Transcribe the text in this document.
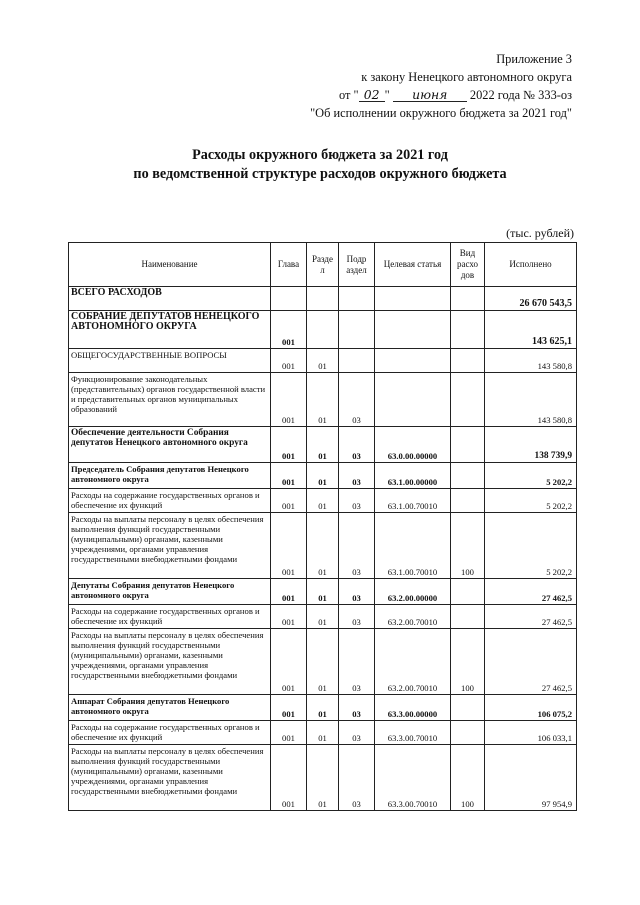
Приложение 3
к закону Ненецкого автономного округа
от " 02 " июня 2022 года № 333-оз
"Об исполнении окружного бюджета за 2021 год"
Расходы окружного бюджета за 2021 год
по ведомственной структуре расходов окружного бюджета
(тыс. рублей)
Наименование	Глава	Разде л	Подр аздел	Целевая статья	Вид расхо дов	Исполнено
ВСЕГО РАСХОДОВ						26 670 543,5
СОБРАНИЕ ДЕПУТАТОВ НЕНЕЦКОГО АВТОНОМНОГО ОКРУГА	001					143 625,1
ОБЩЕГОСУДАРСТВЕННЫЕ ВОПРОСЫ	001	01				143 580,8
Функционирование законодательных (представительных) органов государственной власти и представительных органов муниципальных образований	001	01	03			143 580,8
Обеспечение деятельности Собрания депутатов Ненецкого автономного округа	001	01	03	63.0.00.00000		138 739,9
Председатель Собрания депутатов Ненецкого автономного округа	001	01	03	63.1.00.00000		5 202,2
Расходы на содержание государственных органов и обеспечение их функций	001	01	03	63.1.00.70010		5 202,2
Расходы на выплаты персоналу в целях обеспечения выполнения функций государственными (муниципальными) органами, казенными учреждениями, органами управления государственными внебюджетными фондами	001	01	03	63.1.00.70010	100	5 202,2
Депутаты Собрания депутатов Ненецкого автономного округа	001	01	03	63.2.00.00000		27 462,5
Расходы на содержание государственных органов и обеспечение их функций	001	01	03	63.2.00.70010		27 462,5
Расходы на выплаты персоналу в целях обеспечения выполнения функций государственными (муниципальными) органами, казенными учреждениями, органами управления государственными внебюджетными фондами	001	01	03	63.2.00.70010	100	27 462,5
Аппарат Собрания депутатов Ненецкого автономного округа	001	01	03	63.3.00.00000		106 075,2
Расходы на содержание государственных органов и обеспечение их функций	001	01	03	63.3.00.70010		106 033,1
Расходы на выплаты персоналу в целях обеспечения выполнения функций государственными (муниципальными) органами, казенными учреждениями, органами управления государственными внебюджетными фондами	001	01	03	63.3.00.70010	100	97 954,9
